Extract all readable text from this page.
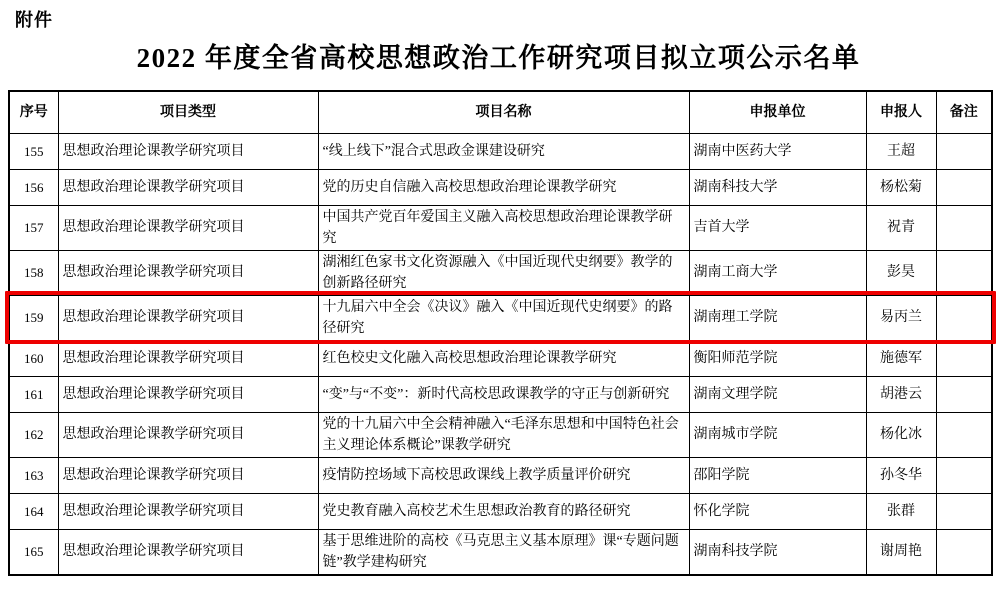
附件
2022 年度全省高校思想政治工作研究项目拟立项公示名单
序号	项目类型	项目名称	申报单位	申报人	备注
155	思想政治理论课教学研究项目	“线上线下”混合式思政金课建设研究	湖南中医药大学	王超	
156	思想政治理论课教学研究项目	党的历史自信融入高校思想政治理论课教学研究	湖南科技大学	杨松菊	
157	思想政治理论课教学研究项目	中国共产党百年爱国主义融入高校思想政治理论课教学研究	吉首大学	祝青	
158	思想政治理论课教学研究项目	湖湘红色家书文化资源融入《中国近现代史纲要》教学的创新路径研究	湖南工商大学	彭昊	
159	思想政治理论课教学研究项目	十九届六中全会《决议》融入《中国近现代史纲要》的路径研究	湖南理工学院	易丙兰	
160	思想政治理论课教学研究项目	红色校史文化融入高校思想政治理论课教学研究	衡阳师范学院	施德军	
161	思想政治理论课教学研究项目	“变”与“不变”：新时代高校思政课教学的守正与创新研究	湖南文理学院	胡港云	
162	思想政治理论课教学研究项目	党的十九届六中全会精神融入“毛泽东思想和中国特色社会主义理论体系概论”课教学研究	湖南城市学院	杨化冰	
163	思想政治理论课教学研究项目	疫情防控场域下高校思政课线上教学质量评价研究	邵阳学院	孙冬华	
164	思想政治理论课教学研究项目	党史教育融入高校艺术生思想政治教育的路径研究	怀化学院	张群	
165	思想政治理论课教学研究项目	基于思维进阶的高校《马克思主义基本原理》课“专题问题链”教学建构研究	湖南科技学院	谢周艳	
